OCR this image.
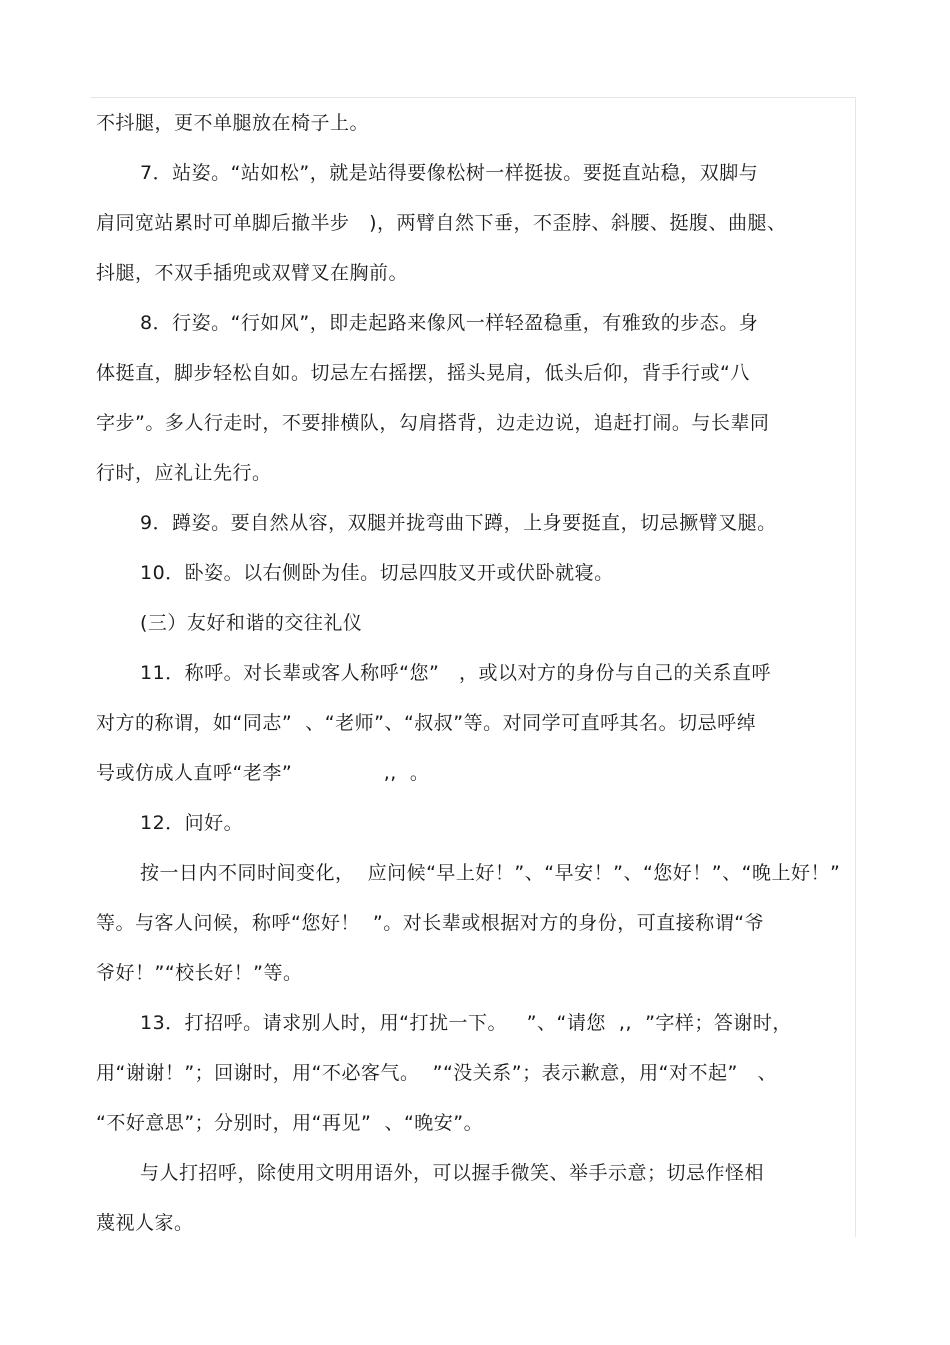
不抖腿，更不单腿放在椅子上。
7．站姿。“站如松”，就是站得要像松树一样挺拔。要挺直站稳，双脚与
肩同宽站累时可单脚后撤半步   )，两臂自然下垂，不歪脖、斜腰、挺腹、曲腿、
抖腿，不双手插兜或双臂叉在胸前。
8．行姿。“行如风”，即走起路来像风一样轻盈稳重，有雅致的步态。身
体挺直，脚步轻松自如。切忌左右摇摆，摇头晃肩，低头后仰，背手行或“八
字步”。多人行走时，不要排横队，勾肩搭背，边走边说，追赶打闹。与长辈同
行时，应礼让先行。
9．蹲姿。要自然从容，双腿并拢弯曲下蹲，上身要挺直，切忌撅臂叉腿。
10．卧姿。以右侧卧为佳。切忌四肢叉开或伏卧就寝。
(三）友好和谐的交往礼仪
11．称呼。对长辈或客人称呼“您”   ，或以对方的身份与自己的关系直呼
对方的称谓，如“同志”  、“老师”、“叔叔”等。对同学可直呼其名。切忌呼绰
号或仿成人直呼“老李”              ,,  。
12．问好。
按一日内不同时间变化，  应问候“早上好！”、“早安！”、“您好！”、“晚上好！”
等。与客人问候，称呼“您好！  ”。对长辈或根据对方的身份，可直接称谓“爷
爷好！”“校长好！”等。
13．打招呼。请求别人时，用“打扰一下。   ”、“请您  ,,  ”字样；答谢时，
用“谢谢！”；回谢时，用“不必客气。  ”“没关系”；表示歉意，用“对不起”   、
“不好意思”；分别时，用“再见”  、“晚安”。
与人打招呼，除使用文明用语外，可以握手微笑、举手示意；切忌作怪相
蔑视人家。
